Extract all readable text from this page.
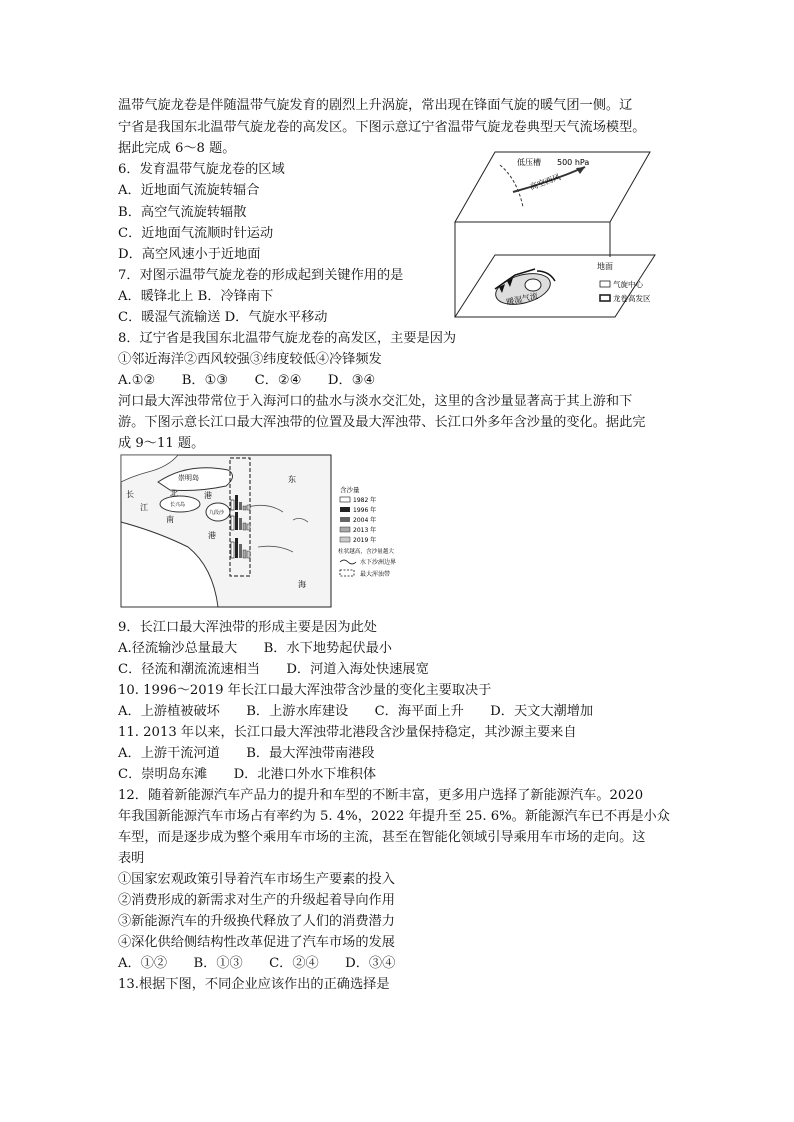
温带气旋龙卷是伴随温带气旋发育的剧烈上升涡旋，常出现在锋面气旋的暖气团一侧。辽
宁省是我国东北温带气旋龙卷的高发区。下图示意辽宁省温带气旋龙卷典型天气流场模型。
据此完成 6～8 题。
6．发育温带气旋龙卷的区域
A．近地面气流旋转辐合
B．高空气流旋转辐散
C．近地面气流顺时针运动
D．高空风速小于近地面
7．对图示温带气旋龙卷的形成起到关键作用的是
A．暖锋北上 B．冷锋南下
C．暖湿气流输送 D．气旋水平移动
8．辽宁省是我国东北温带气旋龙卷的高发区，主要是因为
①邻近海洋②西风较强③纬度较低④冷锋频发
A.①②　　B．①③　　C．②④　　D．③④
低压槽 500 hPa
高空西风
地面
暖湿气流
气旋中心
龙卷高发区
河口最大浑浊带常位于入海河口的盐水与淡水交汇处，这里的含沙量显著高于其上游和下
游。下图示意长江口最大浑浊带的位置及最大浑浊带、长江口外多年含沙量的变化。据此完
成 9～11 题。
崇明岛
长
江
北	港
南
港
东
海
长兴岛
九段沙
含沙量
1982 年
1996 年
2004 年
2013 年
2019 年
柱状越高，含沙量越大
水下沙洲边界
最大浑浊带
9．长江口最大浑浊带的形成主要是因为此处
A.径流输沙总量最大　　B．水下地势起伏最小
C．径流和潮流流速相当　　D．河道入海处快速展宽
10. 1996～2019 年长江口最大浑浊带含沙量的变化主要取决于
A．上游植被破坏　　B．上游水库建设　　C．海平面上升　　D．天文大潮增加
11. 2013 年以来，长江口最大浑浊带北港段含沙量保持稳定，其沙源主要来自
A．上游干流河道　　B．最大浑浊带南港段
C．崇明岛东滩　　D．北港口外水下堆积体
12．随着新能源汽车产品力的提升和车型的不断丰富，更多用户选择了新能源汽车。2020
年我国新能源汽车市场占有率约为 5. 4%，2022 年提升至 25. 6%。新能源汽车已不再是小众
车型，而是逐步成为整个乘用车市场的主流，甚至在智能化领域引导乘用车市场的走向。这
表明
①国家宏观政策引导着汽车市场生产要素的投入
②消费形成的新需求对生产的升级起着导向作用
③新能源汽车的升级换代释放了人们的消费潜力
④深化供给侧结构性改革促进了汽车市场的发展
A．①②　　B．①③　　C．②④　　D．③④
13.根据下图，不同企业应该作出的正确选择是
